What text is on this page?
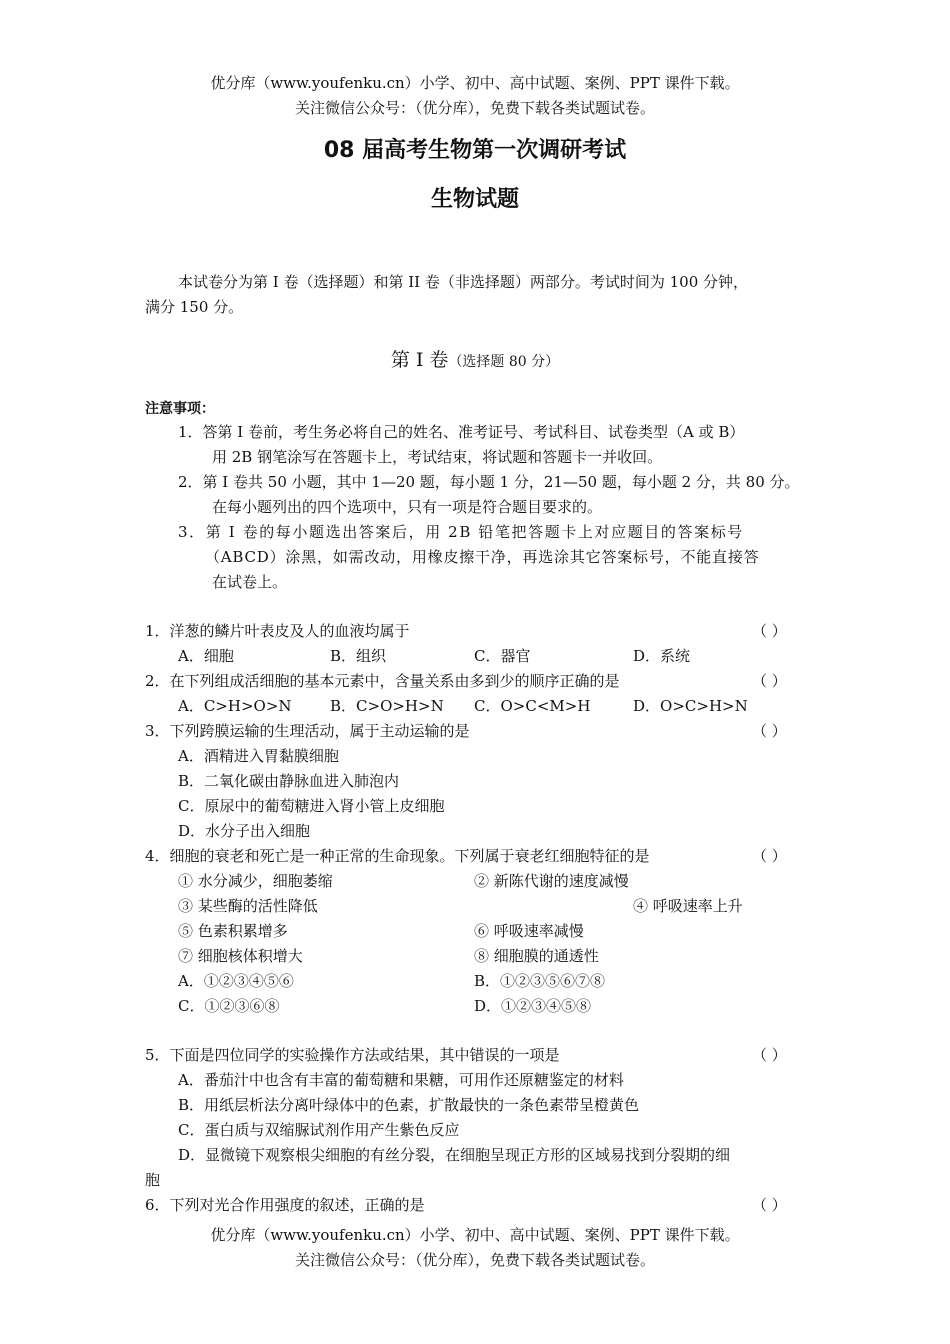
优分库（www.youfenku.cn）小学、初中、高中试题、案例、PPT 课件下载。
关注微信公众号：（优分库），免费下载各类试题试卷。
08 届高考生物第一次调研考试
生物试题
本试卷分为第 I 卷（选择题）和第 II 卷（非选择题）两部分。考试时间为 100 分钟，
满分 150 分。
第 I 卷（选择题 80 分）
注意事项：
1．答第 I 卷前，考生务必将自己的姓名、准考证号、考试科目、试卷类型（A 或 B）
用 2B 钢笔涂写在答题卡上，考试结束，将试题和答题卡一并收回。
2．第 I 卷共 50 小题，其中 1—20 题，每小题 1 分，21—50 题，每小题 2 分，共 80 分。
在每小题列出的四个选项中，只有一项是符合题目要求的。
3．第 I 卷的每小题选出答案后，用 2B 铅笔把答题卡上对应题目的答案标号
（ABCD）涂黑，如需改动，用橡皮擦干净，再选涂其它答案标号，不能直接答
在试卷上。
1．洋葱的鳞片叶表皮及人的血液均属于	（ ）
A．细胞	B．组织	C．器官	D．系统
2．在下列组成活细胞的基本元素中，含量关系由多到少的顺序正确的是	（ ）
A．C>H>O>N	B．C>O>H>N C．O>C<M>H	D．O>C>H>N
3．下列跨膜运输的生理活动，属于主动运输的是	（ ）
A．酒精进入胃黏膜细胞
B．二氧化碳由静脉血进入肺泡内
C．原尿中的葡萄糖进入肾小管上皮细胞
D．水分子出入细胞
4．细胞的衰老和死亡是一种正常的生命现象。下列属于衰老红细胞特征的是	（ ）
① 水分减少，细胞萎缩	② 新陈代谢的速度减慢
③ 某些酶的活性降低	④ 呼吸速率上升
⑤ 色素积累增多	⑥ 呼吸速率减慢
⑦ 细胞核体积增大	⑧ 细胞膜的通透性
A．①②③④⑤⑥	B．①②③⑤⑥⑦⑧
C．①②③⑥⑧	D．①②③④⑤⑧
5．下面是四位同学的实验操作方法或结果，其中错误的一项是	（ ）
A．番茄汁中也含有丰富的葡萄糖和果糖，可用作还原糖鉴定的材料
B．用纸层析法分离叶绿体中的色素，扩散最快的一条色素带呈橙黄色
C．蛋白质与双缩脲试剂作用产生紫色反应
D．显微镜下观察根尖细胞的有丝分裂，在细胞呈现正方形的区域易找到分裂期的细
胞
6．下列对光合作用强度的叙述，正确的是	（ ）
优分库（www.youfenku.cn）小学、初中、高中试题、案例、PPT 课件下载。
关注微信公众号：（优分库），免费下载各类试题试卷。
